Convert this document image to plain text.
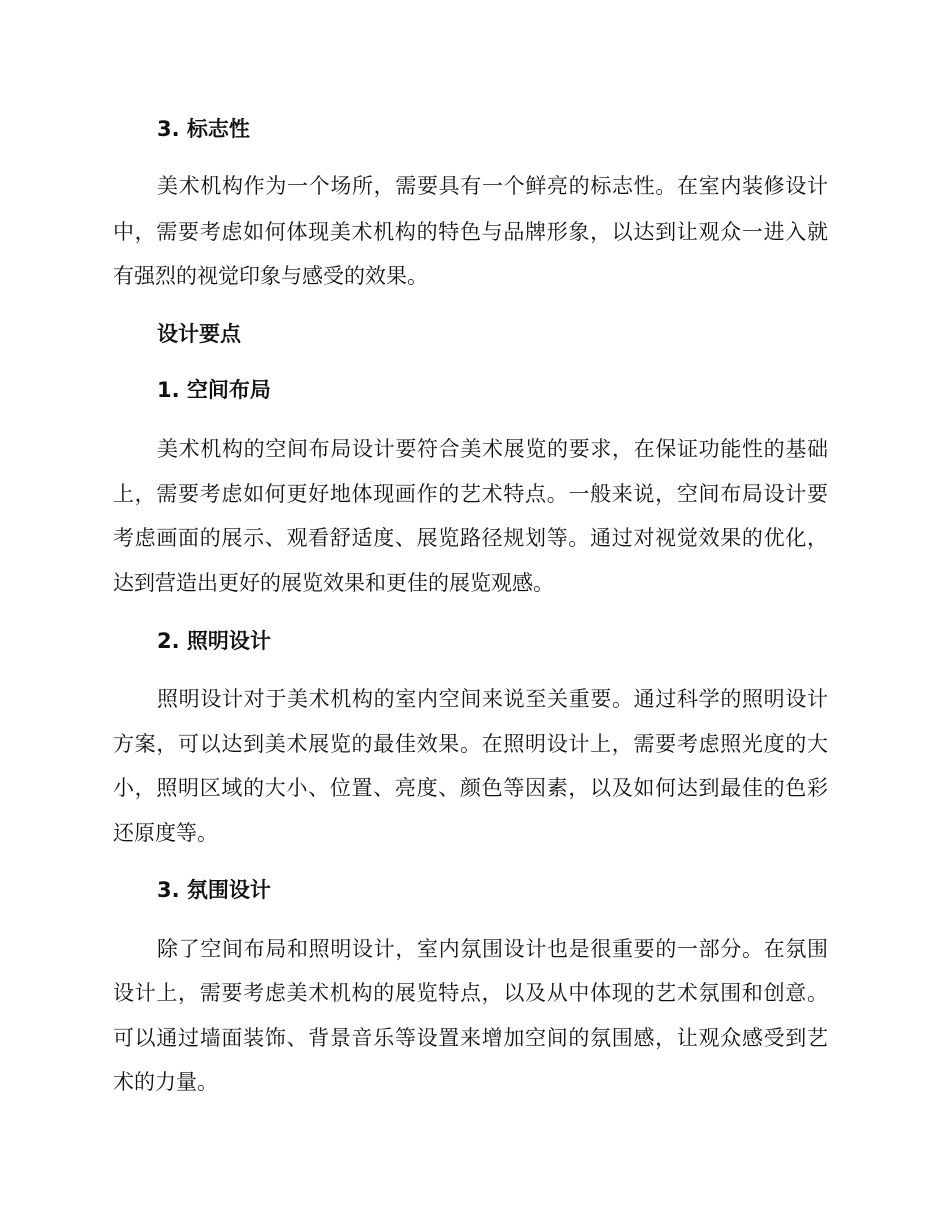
3. 标志性
美术机构作为一个场所，需要具有一个鲜亮的标志性。在室内装修设计
中，需要考虑如何体现美术机构的特色与品牌形象，以达到让观众一进入就
有强烈的视觉印象与感受的效果。
设计要点
1. 空间布局
美术机构的空间布局设计要符合美术展览的要求，在保证功能性的基础
上，需要考虑如何更好地体现画作的艺术特点。一般来说，空间布局设计要
考虑画面的展示、观看舒适度、展览路径规划等。通过对视觉效果的优化，
达到营造出更好的展览效果和更佳的展览观感。
2. 照明设计
照明设计对于美术机构的室内空间来说至关重要。通过科学的照明设计
方案，可以达到美术展览的最佳效果。在照明设计上，需要考虑照光度的大
小，照明区域的大小、位置、亮度、颜色等因素，以及如何达到最佳的色彩
还原度等。
3. 氛围设计
除了空间布局和照明设计，室内氛围设计也是很重要的一部分。在氛围
设计上，需要考虑美术机构的展览特点，以及从中体现的艺术氛围和创意。
可以通过墙面装饰、背景音乐等设置来增加空间的氛围感，让观众感受到艺
术的力量。
